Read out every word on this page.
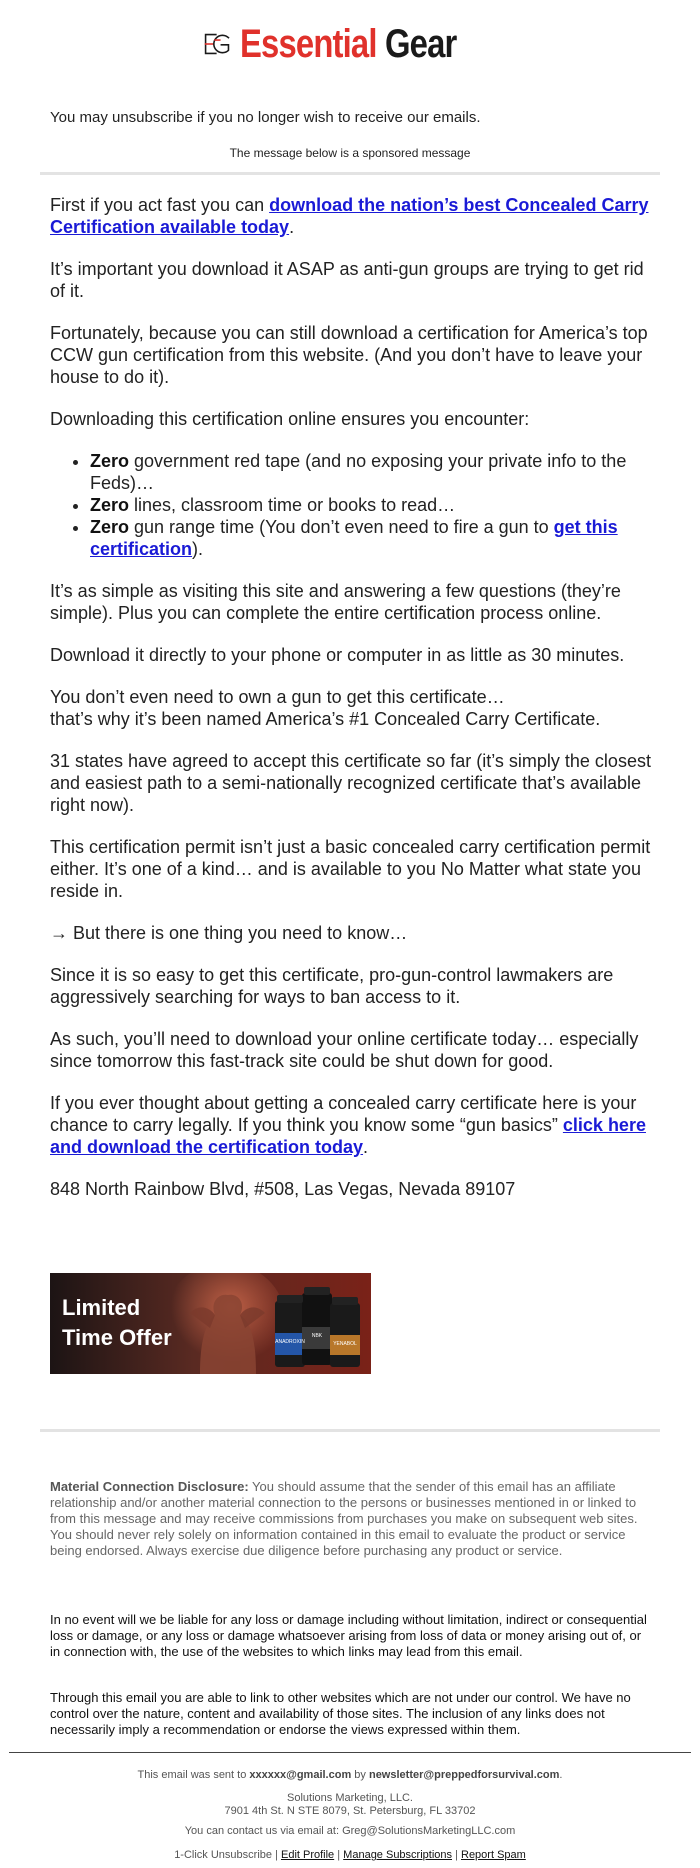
Essential Gear
You may unsubscribe if you no longer wish to receive our emails.
The message below is a sponsored message

First if you act fast you can download the nation’s best Concealed Carry Certification available today.

It’s important you download it ASAP as anti-gun groups are trying to get rid of it.

Fortunately, because you can still download a certification for America’s top CCW gun certification from this website. (And you don’t have to leave your house to do it).

Downloading this certification online ensures you encounter:

• Zero government red tape (and no exposing your private info to the Feds)…
• Zero lines, classroom time or books to read…
• Zero gun range time (You don’t even need to fire a gun to get this certification).

It’s as simple as visiting this site and answering a few questions (they’re simple). Plus you can complete the entire certification process online.

Download it directly to your phone or computer in as little as 30 minutes.

You don’t even need to own a gun to get this certificate…
that’s why it’s been named America’s #1 Concealed Carry Certificate.

31 states have agreed to accept this certificate so far (it’s simply the closest and easiest path to a semi-nationally recognized certificate that’s available right now).

This certification permit isn’t just a basic concealed carry certification permit either. It’s one of a kind… and is available to you No Matter what state you reside in.

→ But there is one thing you need to know…

Since it is so easy to get this certificate, pro-gun-control lawmakers are aggressively searching for ways to ban access to it.

As such, you’ll need to download your online certificate today… especially since tomorrow this fast-track site could be shut down for good.

If you ever thought about getting a concealed carry certificate here is your chance to carry legally. If you think you know some “gun basics” click here and download the certification today.

848 North Rainbow Blvd, #508, Las Vegas, Nevada 89107

Limited
Time Offer	ANADROXIN
NBK
YENABOL
Material Connection Disclosure: You should assume that the sender of this email has an affiliate relationship and/or another material connection to the persons or businesses mentioned in or linked to from this message and may receive commissions from purchases you make on subsequent web sites. You should never rely solely on information contained in this email to evaluate the product or service being endorsed. Always exercise due diligence before purchasing any product or service.
In no event will we be liable for any loss or damage including without limitation, indirect or consequential loss or damage, or any loss or damage whatsoever arising from loss of data or money arising out of, or in connection with, the use of the websites to which links may lead from this email.
Through this email you are able to link to other websites which are not under our control. We have no control over the nature, content and availability of those sites. The inclusion of any links does not necessarily imply a recommendation or endorse the views expressed within them.
This email was sent to xxxxxx@gmail.com by newsletter@preppedforsurvival.com.
Solutions Marketing, LLC.
7901 4th St. N STE 8079, St. Petersburg, FL 33702
You can contact us via email at: Greg@SolutionsMarketingLLC.com
1-Click Unsubscribe | Edit Profile | Manage Subscriptions | Report Spam
